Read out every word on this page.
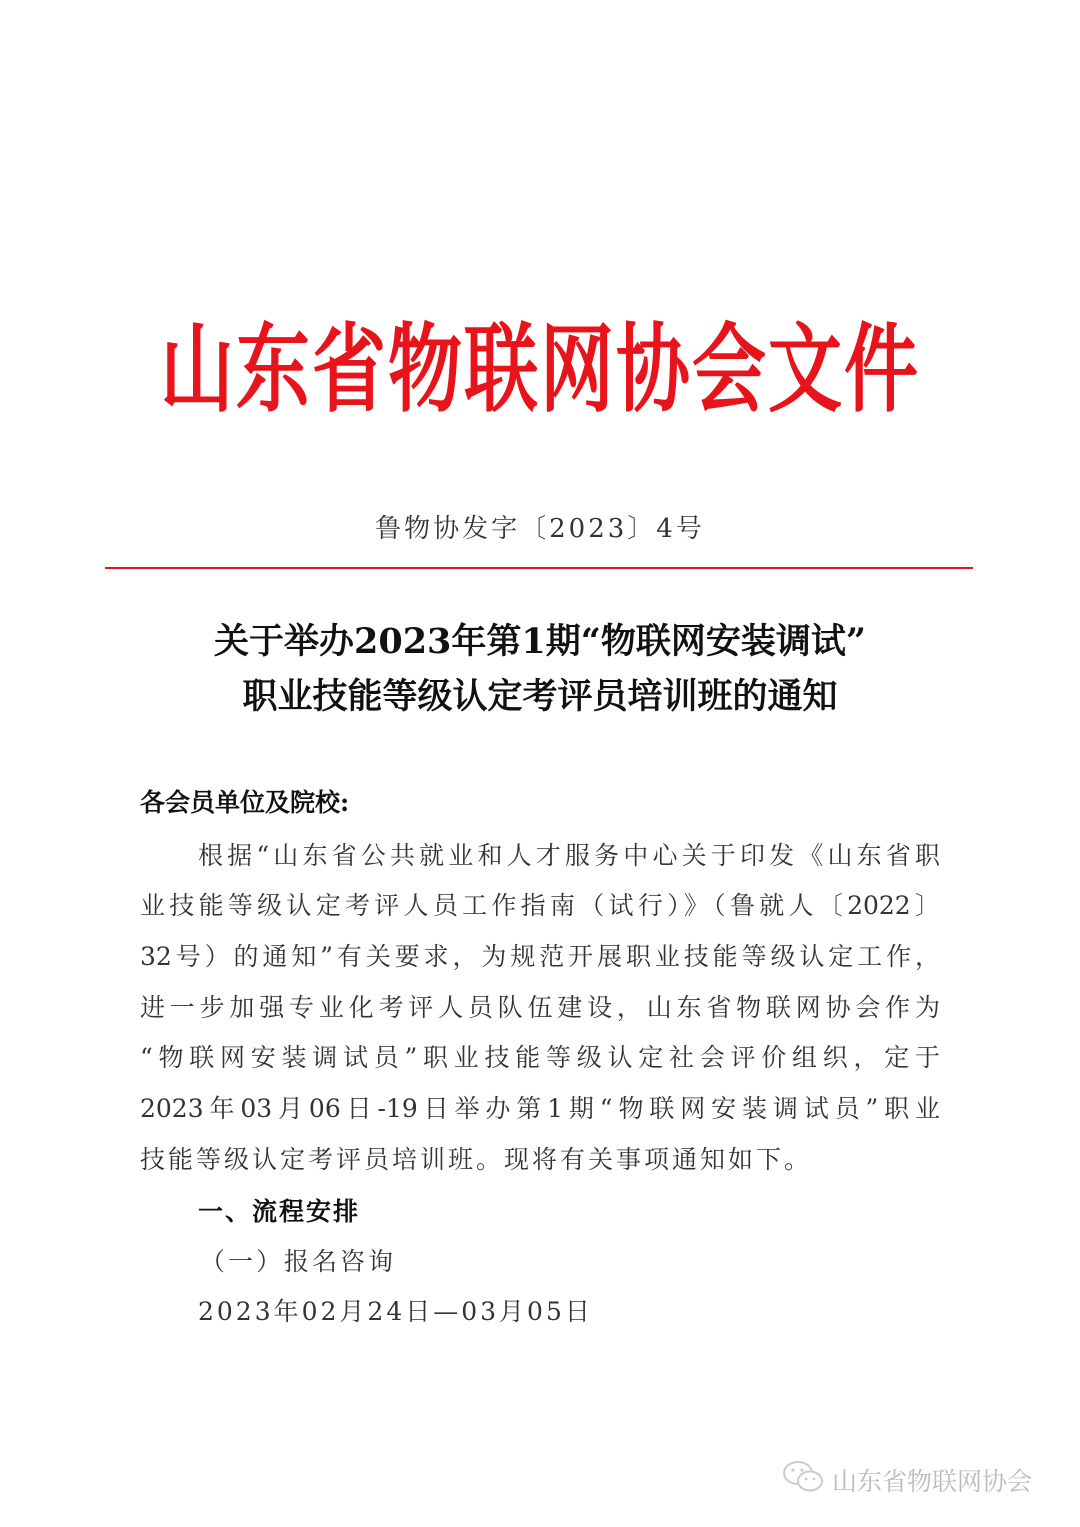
山东省物联网协会文件
鲁物协发字〔2023〕4号
关于举办2023年第1期“物联网安装调试”
职业技能等级认定考评员培训班的通知
各会员单位及院校:
根据“山东省公共就业和人才服务中心关于印发《山东省职
业技能等级认定考评人员工作指南（试行）》（鲁就人〔2022〕
32号）的通知”有关要求，为规范开展职业技能等级认定工作，
进一步加强专业化考评人员队伍建设，山东省物联网协会作为
“物联网安装调试员”职业技能等级认定社会评价组织，定于
2023年03月06日-19日举办第1期“物联网安装调试员”职业
技能等级认定考评员培训班。现将有关事项通知如下。
一、流程安排
（一）报名咨询
2023年02月24日—03月05日
山东省物联网协会
